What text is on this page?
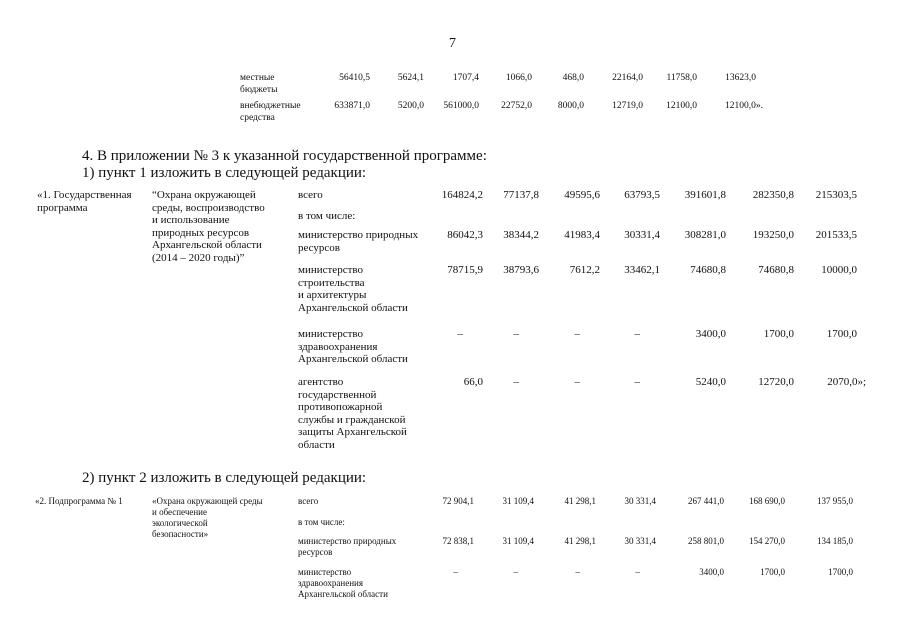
7
местные
бюджеты
56410,5	5624,1	1707,4	1066,0	468,0	22164,0 11758,0	13623,0
внебюджетные
средства
633871,0	5200,0 561000,0 22752,0	8000,0	12719,0 12100,0	12100,0».
4. В приложении № 3 к указанной государственной программе:
1) пункт 1 изложить в следующей редакции:
«1. Государственная
программа
“Охрана окружающей
среды, воспроизводство
и использование
природных ресурсов
Архангельской области
(2014 – 2020 годы)”
всего	164824,2 77137,8 49595,6 63793,5 391601,8 282350,8 215303,5
в том числе:
министерство природных
ресурсов
86042,3 38344,2 41983,4 30331,4 308281,0 193250,0 201533,5
министерство
строительства
и архитектуры
Архангельской области
78715,9 38793,6	7612,2 33462,1	74680,8	74680,8 10000,0
министерство
здравоохранения
Архангельской области
–	–	–	–	3400,0	1700,0	1700,0
агентство
государственной
противопожарной
службы и гражданской
защиты Архангельской
области
66,0	–	–	–	5240,0	12720,0	2070,0»;
2) пункт 2 изложить в следующей редакции:
«2. Подпрограмма № 1	«Охрана окружающей среды
и обеспечение
экологической
безопасности»
всего	72 904,1	31 109,4	41 298,1	30 331,4	267 441,0	168 690,0	137 955,0
в том числе:
министерство природных
ресурсов
72 838,1	31 109,4	41 298,1	30 331,4	258 801,0	154 270,0	134 185,0
министерство
здравоохранения
Архангельской области
–	–	–	–	3400,0	1700,0	1700,0
